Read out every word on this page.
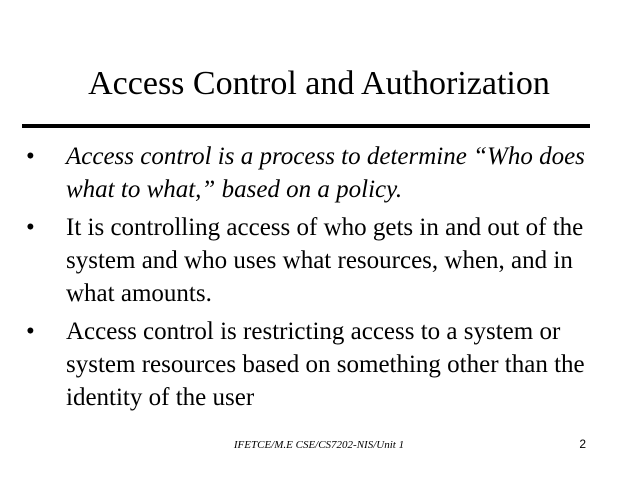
Access Control and Authorization
•	Access control is a process to determine “Who does what to what,” based on a policy.
•	It is controlling access of who gets in and out of the system and who uses what resources, when, and in what amounts.
•	Access control is restricting access to a system or system resources based on something other than the identity of the user
IFETCE/M.E CSE/CS7202-NIS/Unit 1	2
